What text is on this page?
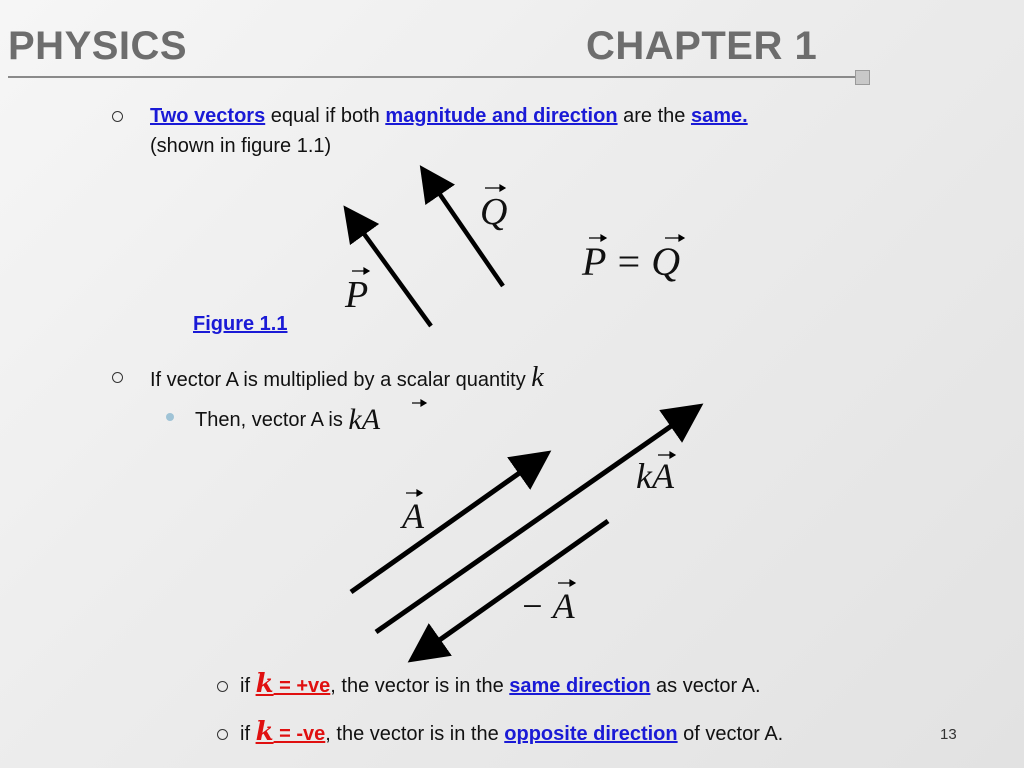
PHYSICS	CHAPTER 1
Two vectors equal if both magnitude and direction are the same.
(shown in figure 1.1)
Q
P
P = Q
Figure 1.1
If vector A is multiplied by a scalar quantity k
Then, vector A is kA
A
kA
− A
if k = +ve, the vector is in the same direction as vector A.
if k = -ve, the vector is in the opposite direction of vector A.	13
